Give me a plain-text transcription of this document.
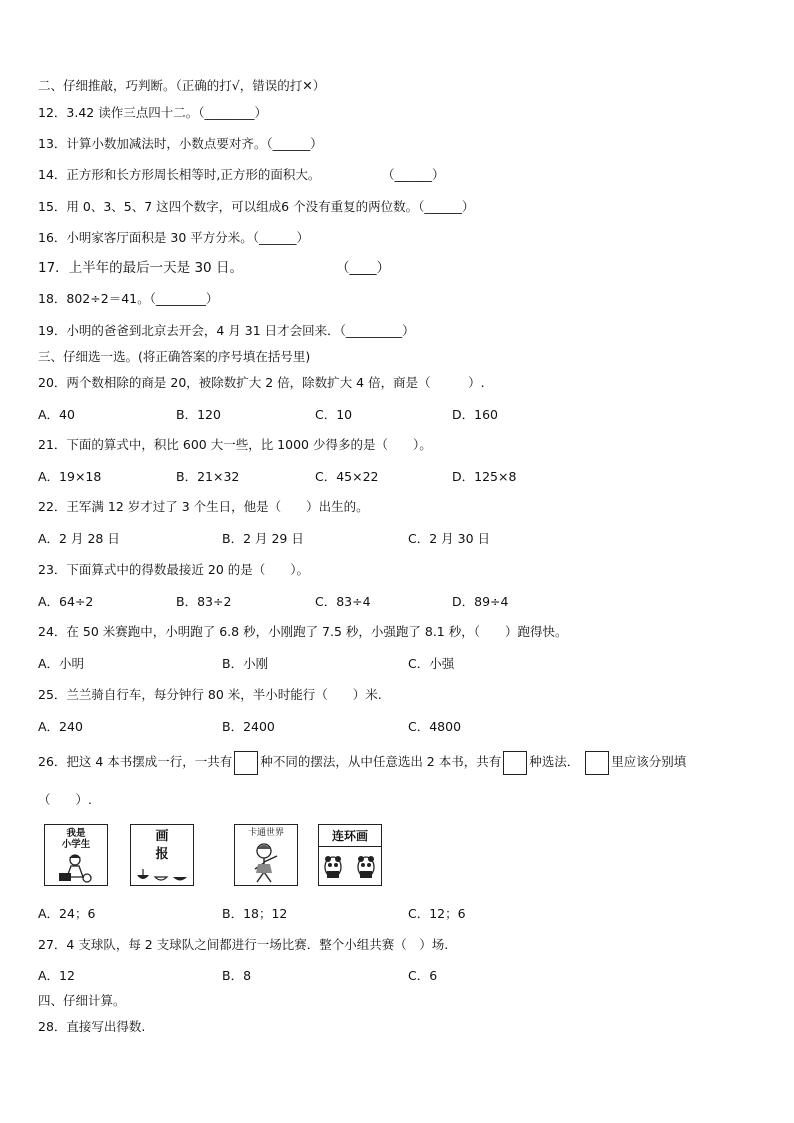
二、仔细推敲，巧判断。（正确的打√，错误的打✕）
12．3.42 读作三点四十二。（________）
13．计算小数加减法时，小数点要对齐。（______）
14．正方形和长方形周长相等时,正方形的面积大。	（______）
15．用 0、3、5、7 这四个数字，可以组成6 个没有重复的两位数。（______）
16．小明家客厅面积是 30 平方分米。（______）
17．上半年的最后一天是 30 日。	（____）
18．802÷2＝41。（________）
19．小明的爸爸到北京去开会，4 月 31 日才会回来．（_________）
三、仔细选一选。(将正确答案的序号填在括号里)
20．两个数相除的商是 20，被除数扩大 2 倍，除数扩大 4 倍，商是（　　　）.
A．40	B．120	C．10	D．160
21．下面的算式中，积比 600 大一些，比 1000 少得多的是（　　）。
A．19×18	B．21×32	C．45×22	D．125×8
22．王军满 12 岁才过了 3 个生日，他是（　　）出生的。
A．2 月 28 日	B．2 月 29 日	C．2 月 30 日
23．下面算式中的得数最接近 20 的是（　　）。
A．64÷2	B．83÷2	C．83÷4	D．89÷4
24．在 50 米赛跑中，小明跑了 6.8 秒，小刚跑了 7.5 秒，小强跑了 8.1 秒，（　　）跑得快。
A．小明	B．小刚	C．小强
25．兰兰骑自行车，每分钟行 80 米，半小时能行（　　）米.
A．240	B．2400	C．4800
26．把这 4 本书摆成一行，一共有 种不同的摆法，从中任意选出 2 本书，共有 种选法．	里应该分别填
（　　）.
我是
小学生
画
报
卡通世界	连环画
A．24；6	B．18；12	C．12；6
27．4 支球队，每 2 支球队之间都进行一场比赛．整个小组共赛（　）场.
A．12	B．8	C．6
四、仔细计算。
28．直接写出得数.
